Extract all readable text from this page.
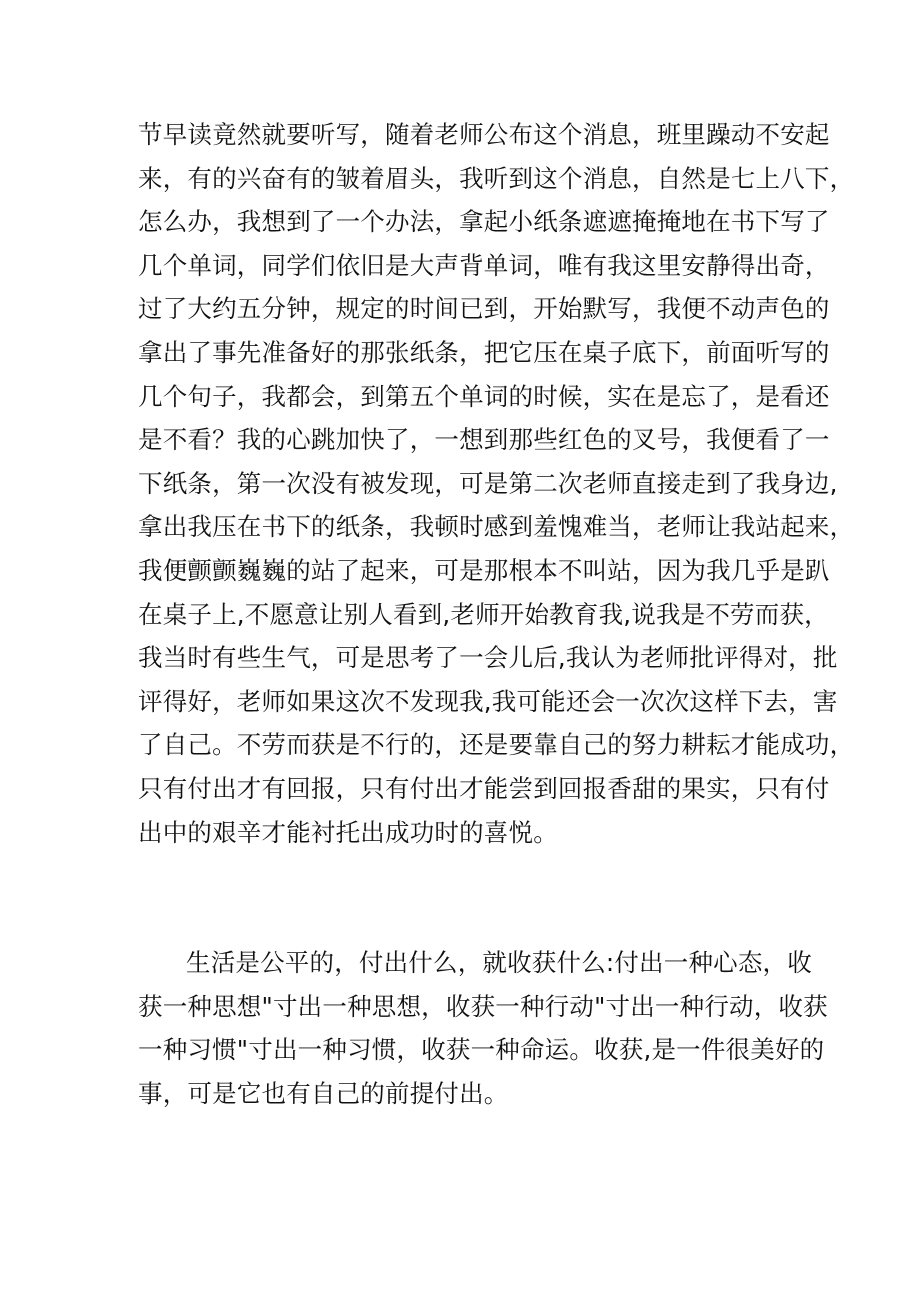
节早读竟然就要听写，随着老师公布这个消息，班里躁动不安起
来，有的兴奋有的皱着眉头，我听到这个消息，自然是七上八下，
怎么办，我想到了一个办法，拿起小纸条遮遮掩掩地在书下写了
几个单词，同学们依旧是大声背单词，唯有我这里安静得出奇，
过了大约五分钟，规定的时间已到，开始默写，我便不动声色的
拿出了事先准备好的那张纸条，把它压在桌子底下，前面听写的
几个句子，我都会，到第五个单词的时候，实在是忘了，是看还
是不看？我的心跳加快了，一想到那些红色的叉号，我便看了一
下纸条，第一次没有被发现，可是第二次老师直接走到了我身边,
拿出我压在书下的纸条，我顿时感到羞愧难当，老师让我站起来，
我便颤颤巍巍的站了起来，可是那根本不叫站，因为我几乎是趴
在桌子上,不愿意让别人看到,老师开始教育我,说我是不劳而获，
我当时有些生气，可是思考了一会儿后,我认为老师批评得对，批
评得好，老师如果这次不发现我,我可能还会一次次这样下去，害
了自己。不劳而获是不行的，还是要靠自己的努力耕耘才能成功，
只有付出才有回报，只有付出才能尝到回报香甜的果实，只有付
出中的艰辛才能衬托出成功时的喜悦。
生活是公平的，付出什么，就收获什么:付出一种心态，收
获一种思想"寸出一种思想，收获一种行动"寸出一种行动，收获
一种习惯"寸出一种习惯，收获一种命运。收获,是一件很美好的
事，可是它也有自己的前提付出。
